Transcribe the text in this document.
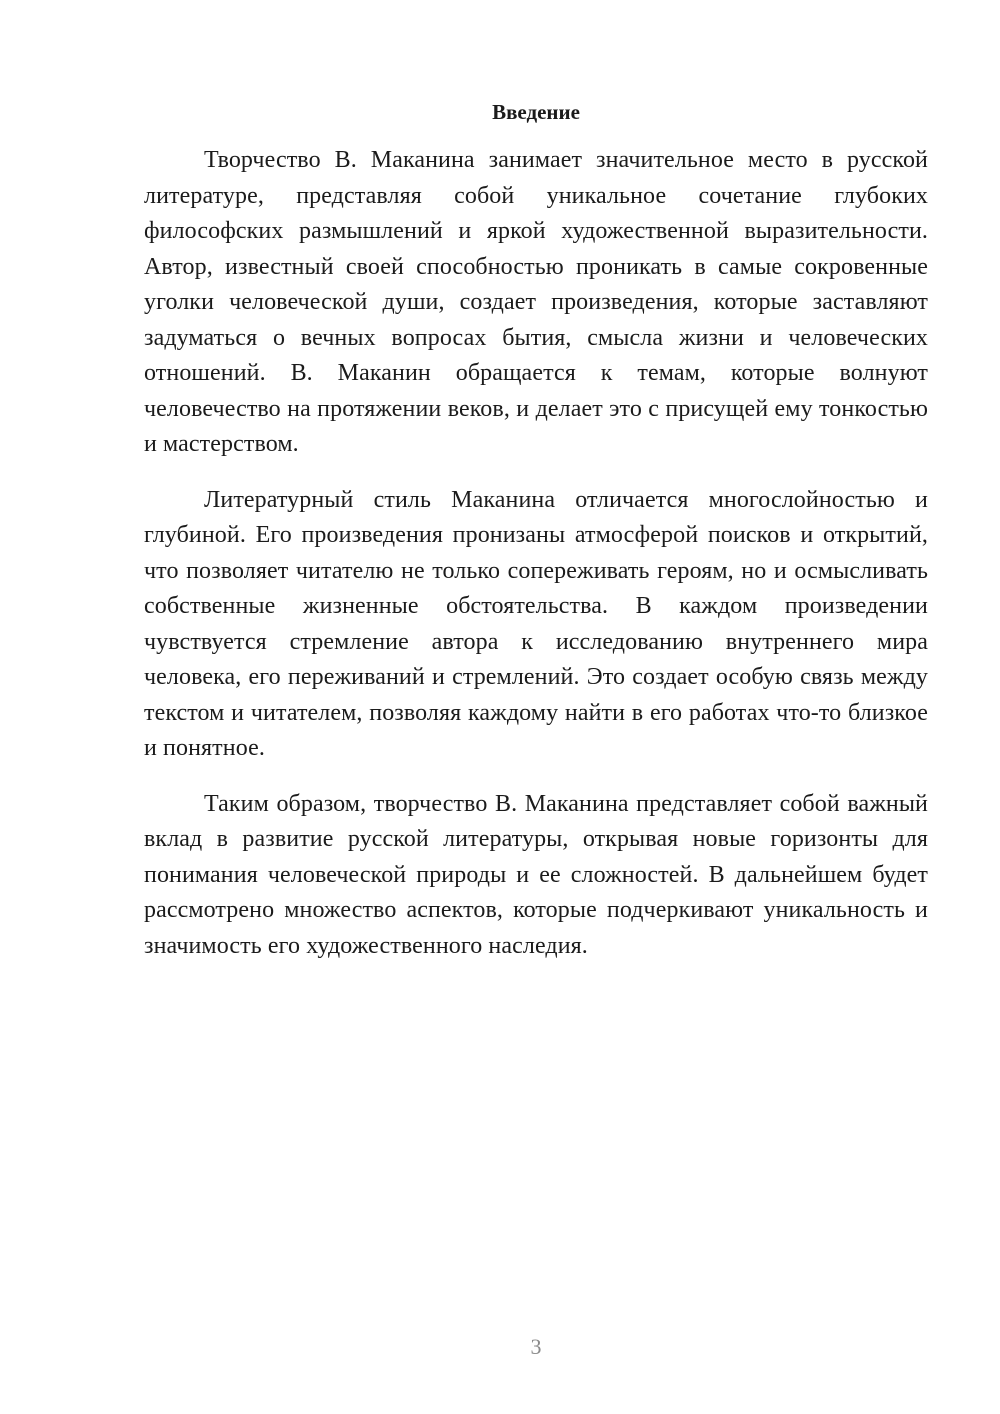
Введение

Творчество В. Маканина занимает значительное место в русской литературе, представляя собой уникальное сочетание глубоких философских размышлений и яркой художественной выразительности. Автор, известный своей способностью проникать в самые сокровенные уголки человеческой души, создает произведения, которые заставляют задуматься о вечных вопросах бытия, смысла жизни и человеческих отношений. В. Маканин обращается к темам, которые волнуют человечество на протяжении веков, и делает это с присущей ему тонкостью и мастерством.

Литературный стиль Маканина отличается многослойностью и глубиной. Его произведения пронизаны атмосферой поисков и открытий, что позволяет читателю не только сопереживать героям, но и осмысливать собственные жизненные обстоятельства. В каждом произведении чувствуется стремление автора к исследованию внутреннего мира человека, его переживаний и стремлений. Это создает особую связь между текстом и читателем, позволяя каждому найти в его работах что-то близкое и понятное.

Таким образом, творчество В. Маканина представляет собой важный вклад в развитие русской литературы, открывая новые горизонты для понимания человеческой природы и ее сложностей. В дальнейшем будет рассмотрено множество аспектов, которые подчеркивают уникальность и значимость его художественного наследия.

3
